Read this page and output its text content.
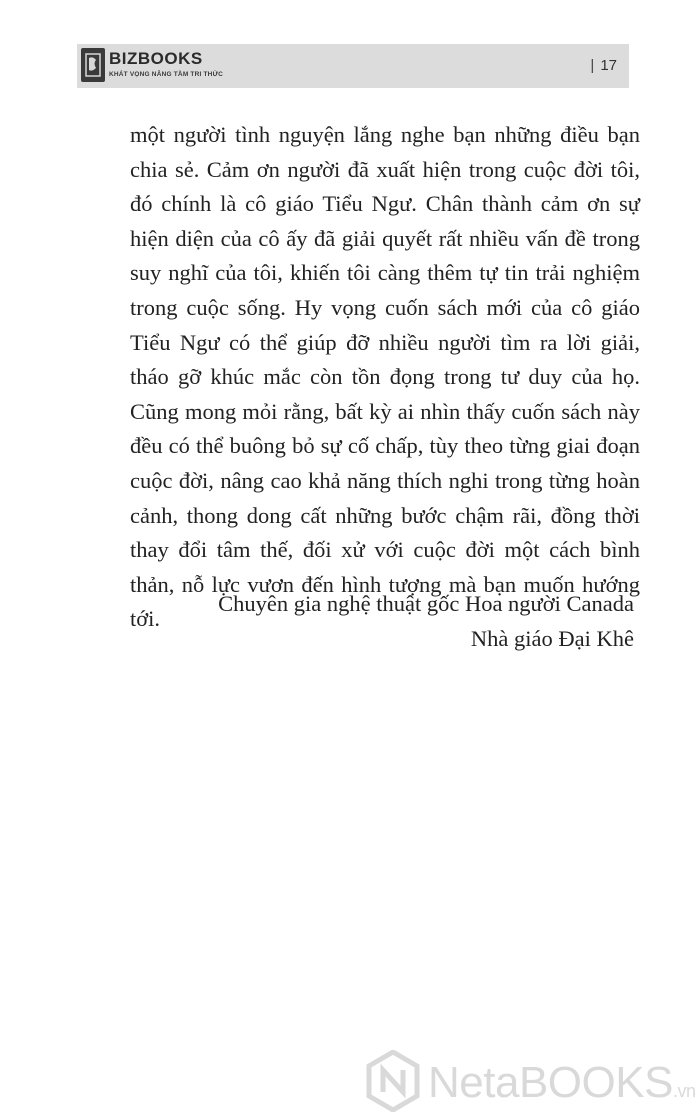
BIZBOOKS
KHÁT VỌNG NÂNG TẦM TRI THỨC
| 17

một người tình nguyện lắng nghe bạn những điều bạn chia sẻ. Cảm ơn người đã xuất hiện trong cuộc đời tôi, đó chính là cô giáo Tiểu Ngư. Chân thành cảm ơn sự hiện diện của cô ấy đã giải quyết rất nhiều vấn đề trong suy nghĩ của tôi, khiến tôi càng thêm tự tin trải nghiệm trong cuộc sống. Hy vọng cuốn sách mới của cô giáo Tiểu Ngư có thể giúp đỡ nhiều người tìm ra lời giải, tháo gỡ khúc mắc còn tồn đọng trong tư duy của họ. Cũng mong mỏi rằng, bất kỳ ai nhìn thấy cuốn sách này đều có thể buông bỏ sự cố chấp, tùy theo từng giai đoạn cuộc đời, nâng cao khả năng thích nghi trong từng hoàn cảnh, thong dong cất những bước chậm rãi, đồng thời thay đổi tâm thế, đối xử với cuộc đời một cách bình thản, nỗ lực vươn đến hình tượng mà bạn muốn hướng tới.

Chuyên gia nghệ thuật gốc Hoa người Canada
Nhà giáo Đại Khê
NetaBOOKS.vn
